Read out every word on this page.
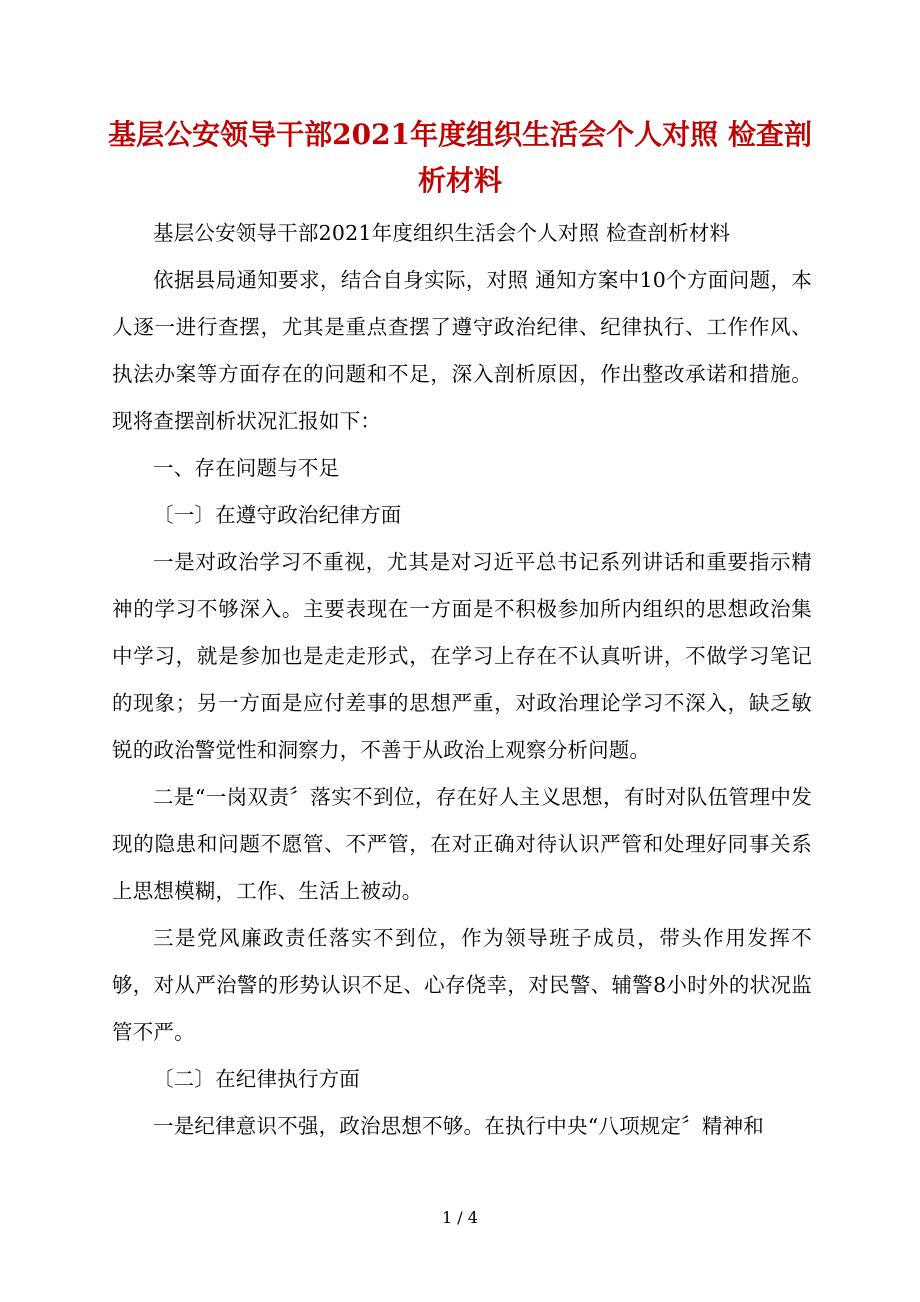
基层公安领导干部2021年度组织生活会个人对照 检查剖析材料

基层公安领导干部2021年度组织生活会个人对照 检查剖析材料

依据县局通知要求，结合自身实际，对照 通知方案中10个方面问题，本人逐一进行查摆，尤其是重点查摆了遵守政治纪律、纪律执行、工作作风、执法办案等方面存在的问题和不足，深入剖析原因，作出整改承诺和措施。现将查摆剖析状况汇报如下：

一、存在问题与不足

〔一〕在遵守政治纪律方面

一是对政治学习不重视，尤其是对习近平总书记系列讲话和重要指示精神的学习不够深入。主要表现在一方面是不积极参加所内组织的思想政治集中学习，就是参加也是走走形式，在学习上存在不认真听讲，不做学习笔记的现象；另一方面是应付差事的思想严重，对政治理论学习不深入，缺乏敏锐的政治警觉性和洞察力，不善于从政治上观察分析问题。

二是“一岗双责〞落实不到位，存在好人主义思想，有时对队伍管理中发现的隐患和问题不愿管、不严管，在对正确对待认识严管和处理好同事关系上思想模糊，工作、生活上被动。

三是党风廉政责任落实不到位，作为领导班子成员，带头作用发挥不够，对从严治警的形势认识不足、心存侥幸，对民警、辅警8小时外的状况监管不严。

〔二〕在纪律执行方面

一是纪律意识不强，政治思想不够。在执行中央“八项规定〞精神和

1 / 4
